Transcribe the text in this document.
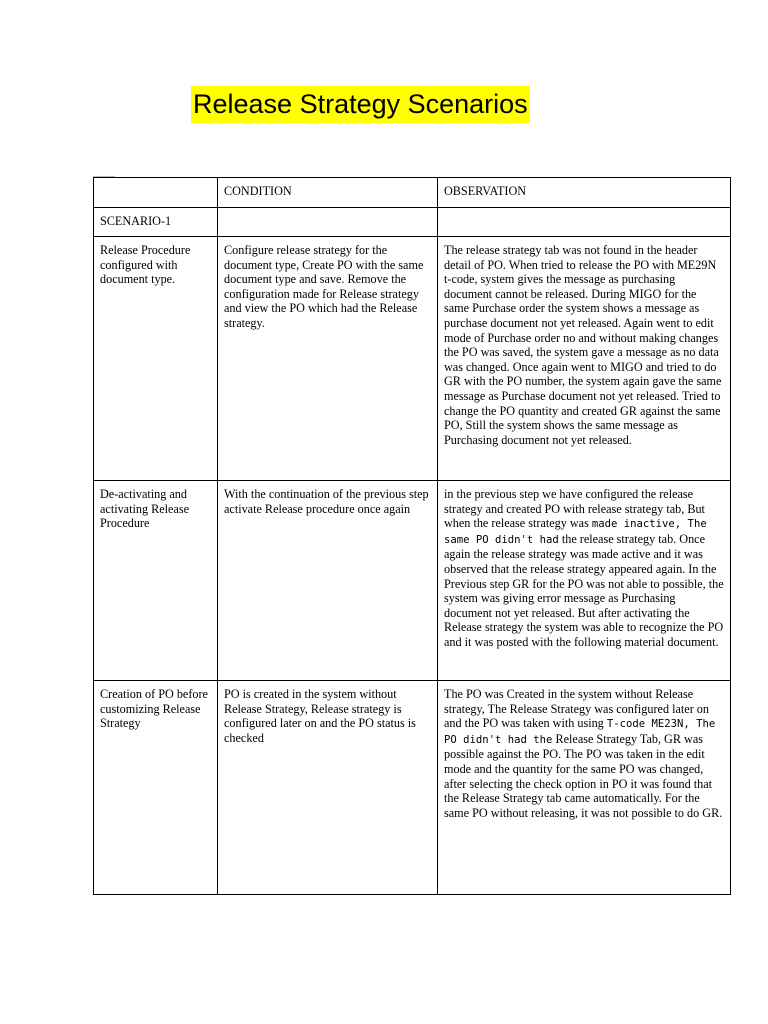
Release Strategy Scenarios
	CONDITION	OBSERVATION
SCENARIO-1		
Release Procedure configured with document type.	Configure release strategy for the document type, Create PO with the same document type and save. Remove the configuration made for Release strategy and view the PO which had the Release strategy.	The release strategy tab was not found in the header detail of PO. When tried to release the PO with ME29N t-code, system gives the message as purchasing document cannot be released. During MIGO for the same Purchase order the system shows a message as purchase document not yet released. Again went to edit mode of Purchase order no and without making changes the PO was saved, the system gave a message as no data was changed. Once again went to MIGO and tried to do GR with the PO number, the system again gave the same message as Purchase document not yet released. Tried to change the PO quantity and created GR against the same PO, Still the system shows the same message as Purchasing document not yet released.
De-activating and activating Release Procedure	With the continuation of the previous step activate Release procedure once again	in the previous step we have configured the release strategy and created PO with release strategy tab, But when the release strategy was made inactive, The same PO didn't had the release strategy tab. Once again the release strategy was made active and it was observed that the release strategy appeared again. In the Previous step GR for the PO was not able to possible, the system was giving error message as Purchasing document not yet released. But after activating the Release strategy the system was able to recognize the PO and it was posted with the following material document.
Creation of PO before customizing Release Strategy	PO is created in the system without Release Strategy, Release strategy is configured later on and the PO status is checked	The PO was Created in the system without Release strategy, The Release Strategy was configured later on and the PO was taken with using T-code ME23N, The PO didn't had the Release Strategy Tab, GR was possible against the PO. The PO was taken in the edit mode and the quantity for the same PO was changed, after selecting the check option in PO it was found that the Release Strategy tab came automatically. For the same PO without releasing, it was not possible to do GR.
